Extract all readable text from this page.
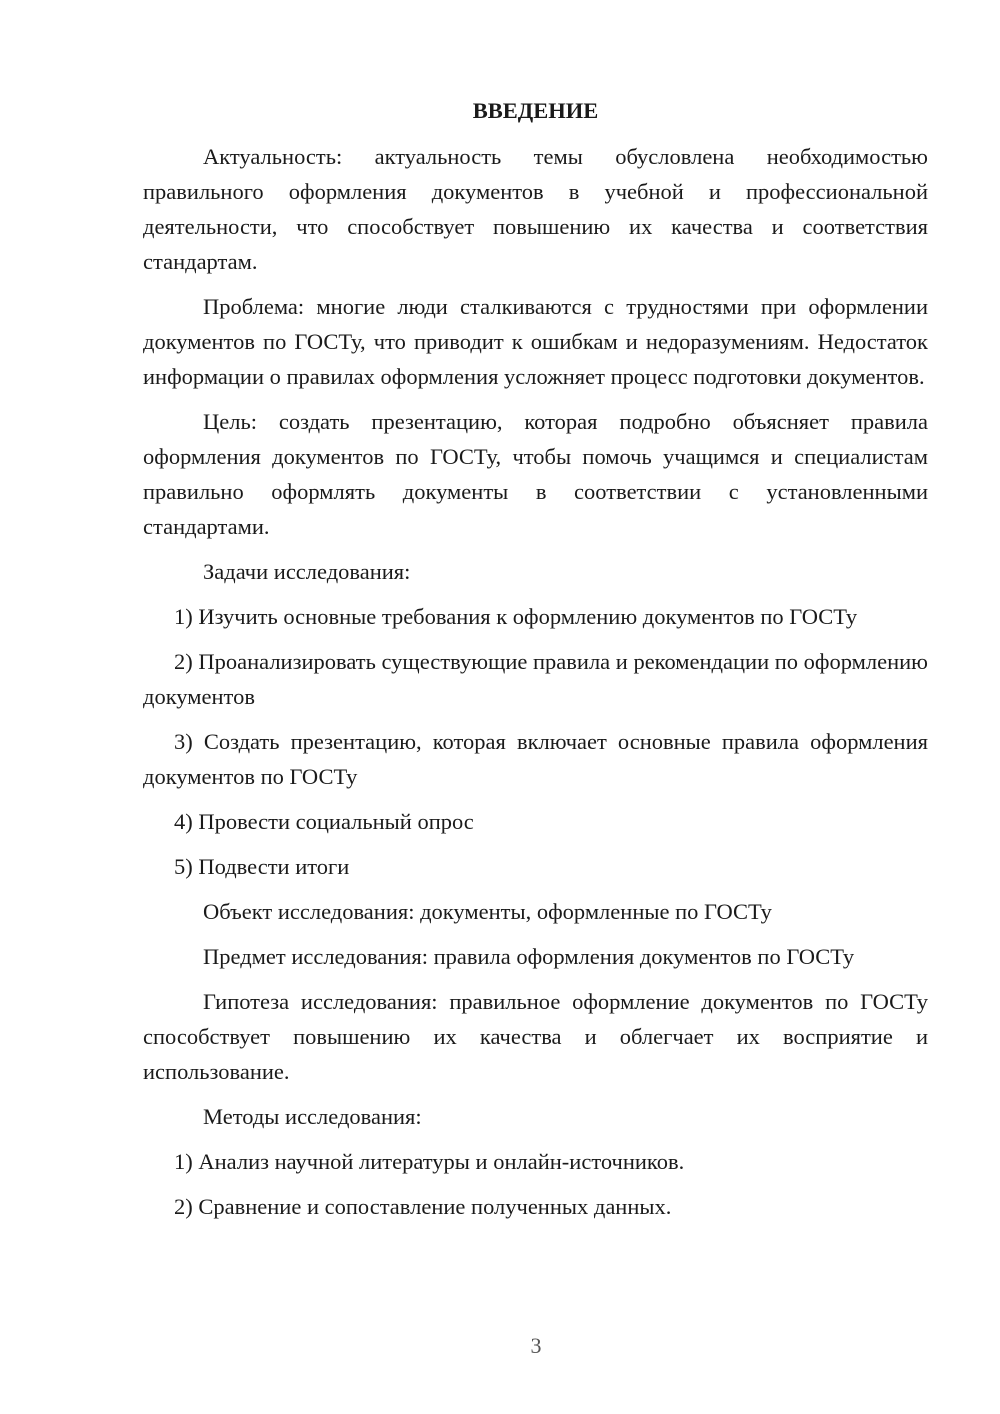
ВВЕДЕНИЕ

Актуальность: актуальность темы обусловлена необходимостью правильного оформления документов в учебной и профессиональной деятельности, что способствует повышению их качества и соответствия стандартам.

Проблема: многие люди сталкиваются с трудностями при оформлении документов по ГОСТу, что приводит к ошибкам и недоразумениям. Недостаток информации о правилах оформления усложняет процесс подготовки документов.

Цель: создать презентацию, которая подробно объясняет правила оформления документов по ГОСТу, чтобы помочь учащимся и специалистам правильно оформлять документы в соответствии с установленными стандартами.

Задачи исследования:

1) Изучить основные требования к оформлению документов по ГОСТу

2) Проанализировать существующие правила и рекомендации по оформлению документов

3) Создать презентацию, которая включает основные правила оформления документов по ГОСТу

4) Провести социальный опрос

5) Подвести итоги

Объект исследования: документы, оформленные по ГОСТу

Предмет исследования: правила оформления документов по ГОСТу

Гипотеза исследования: правильное оформление документов по ГОСТу способствует повышению их качества и облегчает их восприятие и использование.

Методы исследования:

1) Анализ научной литературы и онлайн-источников.

2) Сравнение и сопоставление полученных данных.

3
